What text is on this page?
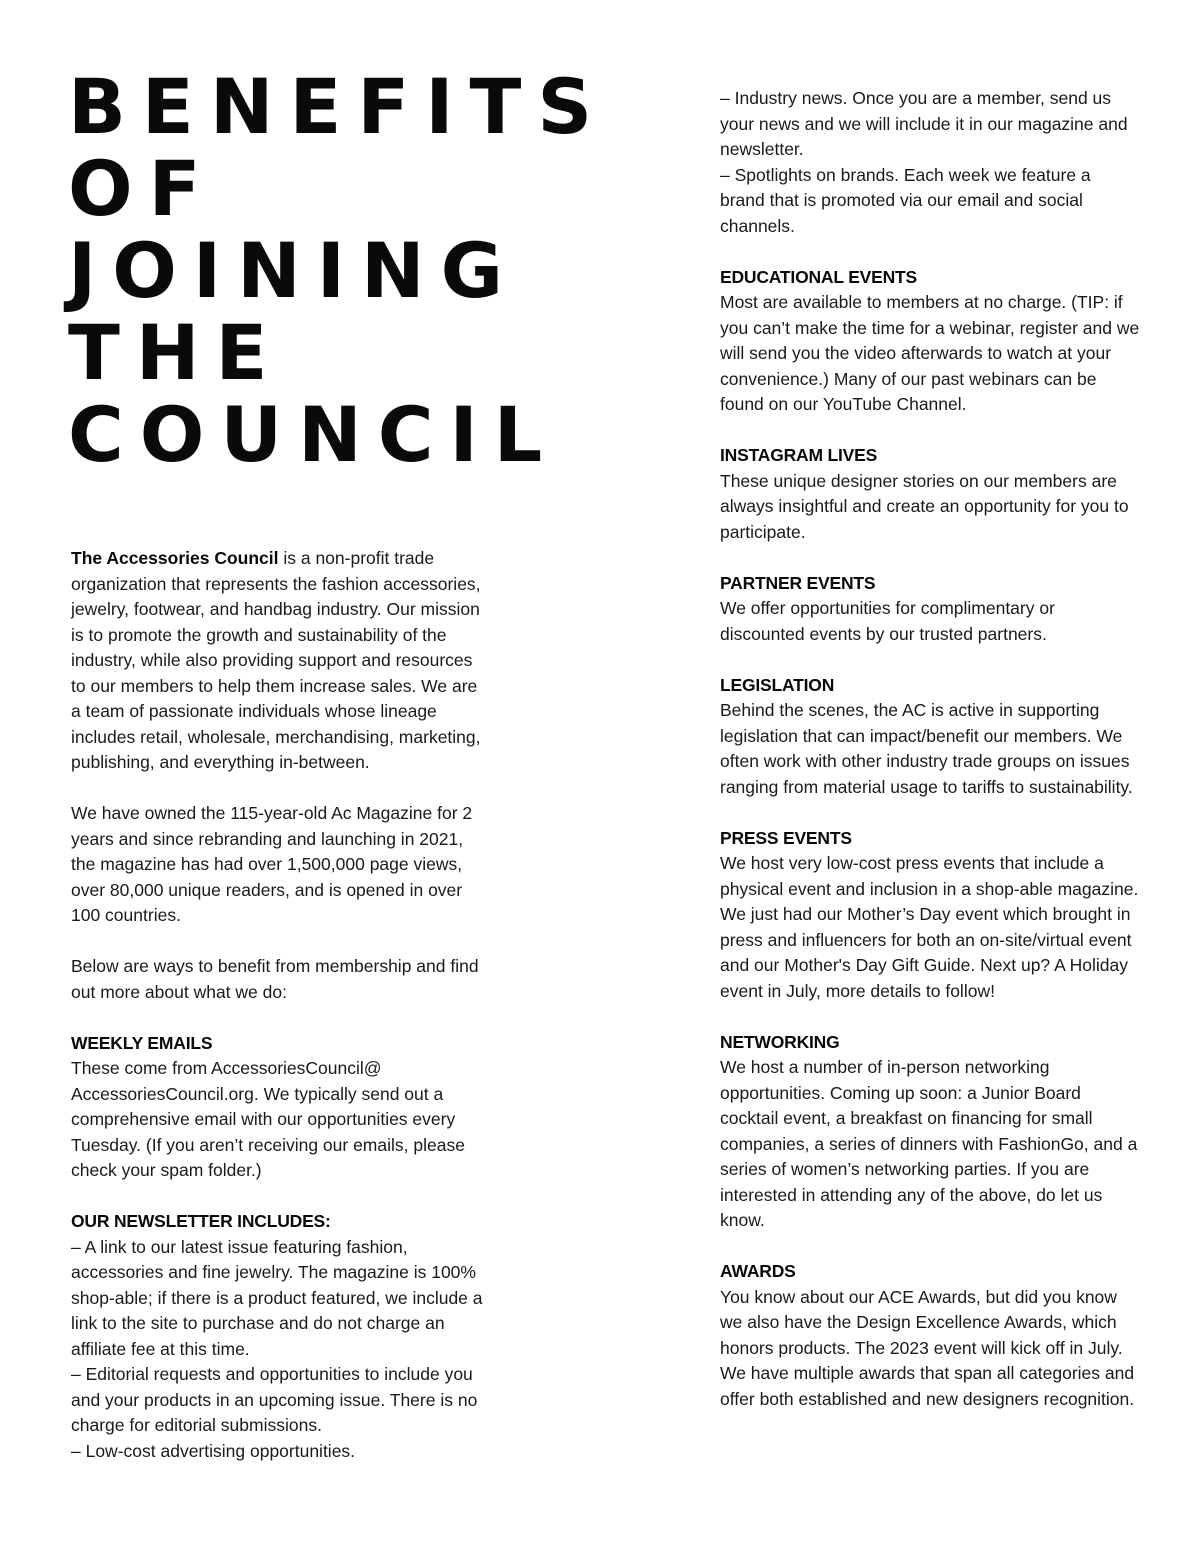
BENEFITS
OF
JOINING
THE
COUNCIL

The Accessories Council is a non-profit trade organization that represents the fashion accessories, jewelry, footwear, and handbag industry. Our mission is to promote the growth and sustainability of the industry, while also providing support and resources to our members to help them increase sales. We are a team of passionate individuals whose lineage includes retail, wholesale, merchandising, marketing, publishing, and everything in-between.

We have owned the 115-year-old Ac Magazine for 2 years and since rebranding and launching in 2021, the magazine has had over 1,500,000 page views, over 80,000 unique readers, and is opened in over 100 countries.

Below are ways to benefit from membership and find out more about what we do:

WEEKLY EMAILS

These come from AccessoriesCouncil@ AccessoriesCouncil.org. We typically send out a comprehensive email with our opportunities every Tuesday. (If you aren’t receiving our emails, please check your spam folder.)

OUR NEWSLETTER INCLUDES:

– A link to our latest issue featuring fashion, accessories and fine jewelry. The magazine is 100% shop-able; if there is a product featured, we include a link to the site to purchase and do not charge an affiliate fee at this time.
– Editorial requests and opportunities to include you and your products in an upcoming issue. There is no charge for editorial submissions.
– Low-cost advertising opportunities.
– Industry news. Once you are a member, send us your news and we will include it in our magazine and newsletter.
– Spotlights on brands. Each week we feature a brand that is promoted via our email and social channels.

EDUCATIONAL EVENTS

Most are available to members at no charge. (TIP: if you can’t make the time for a webinar, register and we will send you the video afterwards to watch at your convenience.) Many of our past webinars can be found on our YouTube Channel.

INSTAGRAM LIVES

These unique designer stories on our members are always insightful and create an opportunity for you to participate.

PARTNER EVENTS

We offer opportunities for complimentary or discounted events by our trusted partners.

LEGISLATION

Behind the scenes, the AC is active in supporting legislation that can impact/benefit our members. We often work with other industry trade groups on issues ranging from material usage to tariffs to sustainability.

PRESS EVENTS

We host very low-cost press events that include a physical event and inclusion in a shop-able magazine. We just had our Mother’s Day event which brought in press and influencers for both an on-site/virtual event and our Mother's Day Gift Guide. Next up? A Holiday event in July, more details to follow!

NETWORKING

We host a number of in-person networking opportunities. Coming up soon: a Junior Board cocktail event, a breakfast on financing for small companies, a series of dinners with FashionGo, and a series of women’s networking parties. If you are interested in attending any of the above, do let us know.

AWARDS

You know about our ACE Awards, but did you know we also have the Design Excellence Awards, which honors products. The 2023 event will kick off in July. We have multiple awards that span all categories and offer both established and new designers recognition.
